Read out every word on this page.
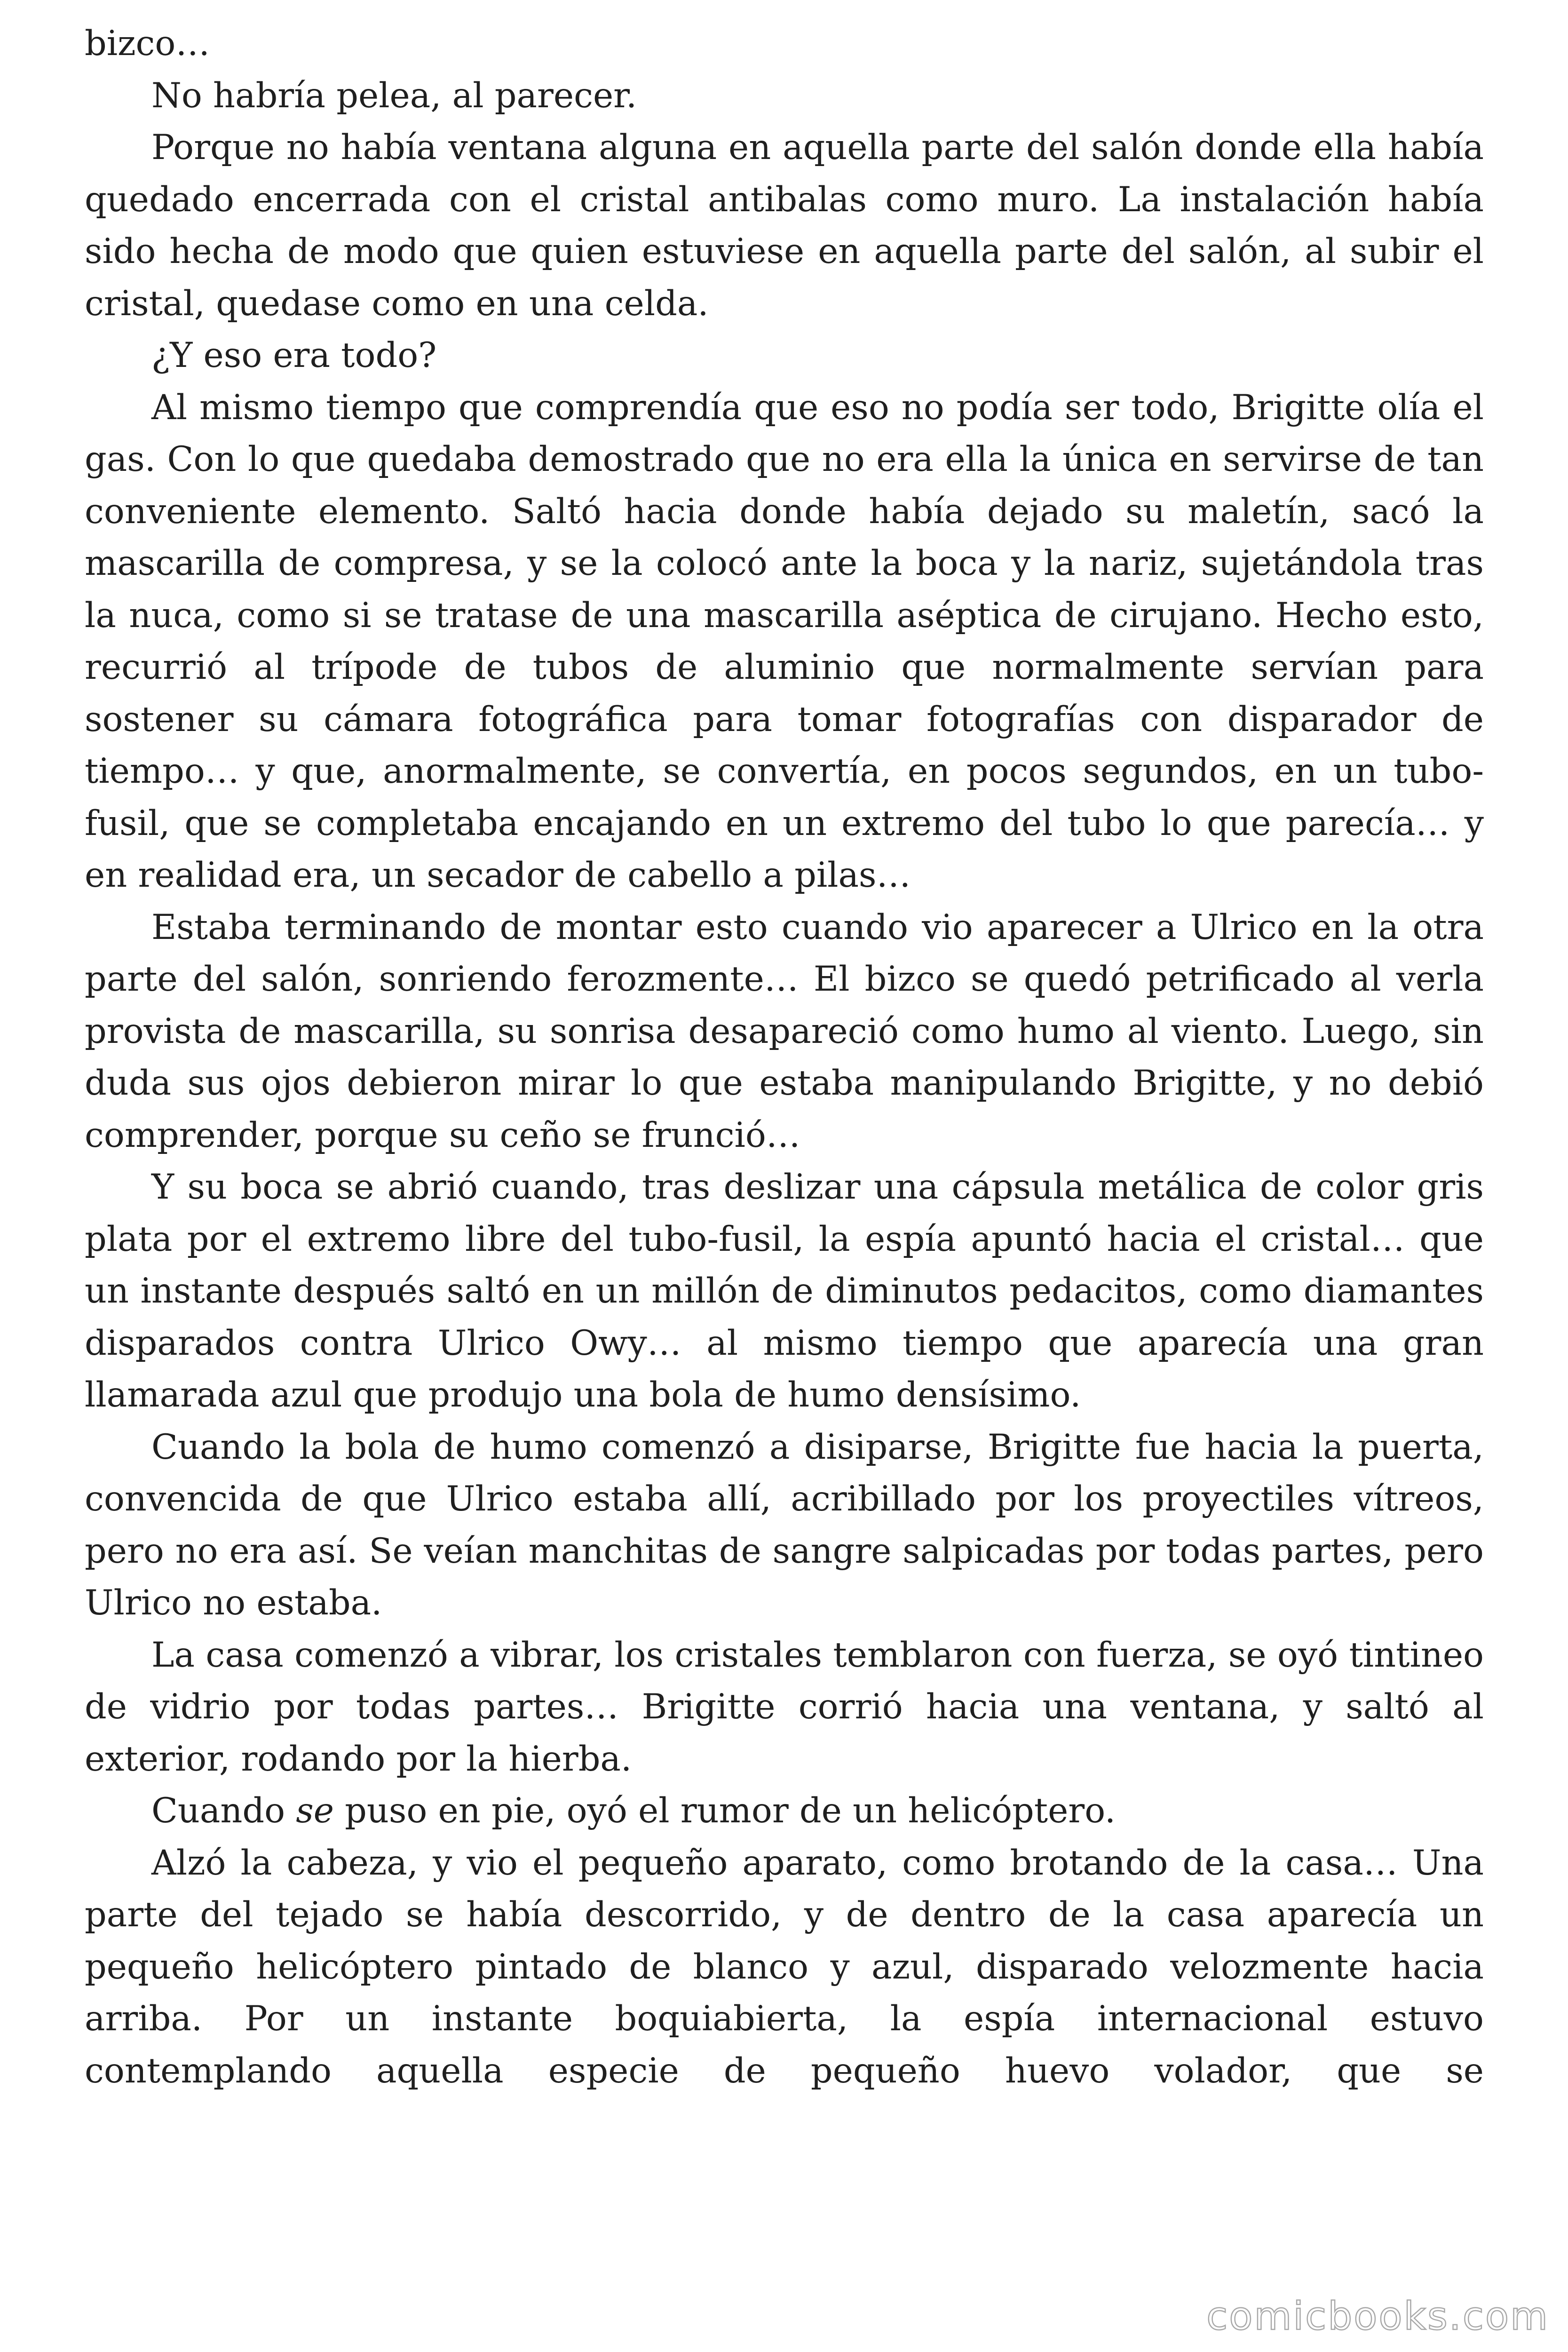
bizco…

No habría pelea, al parecer.

Porque no había ventana alguna en aquella parte del salón donde ella había quedado encerrada con el cristal antibalas como muro. La instalación había sido hecha de modo que quien estuviese en aquella parte del salón, al subir el cristal, quedase como en una celda.

¿Y eso era todo?

Al mismo tiempo que comprendía que eso no podía ser todo, Brigitte olía el gas. Con lo que quedaba demostrado que no era ella la única en servirse de tan conveniente elemento. Saltó hacia donde había dejado su maletín, sacó la mascarilla de compresa, y se la colocó ante la boca y la nariz, sujetándola tras la nuca, como si se tratase de una mascarilla aséptica de cirujano. Hecho esto, recurrió al trípode de tubos de aluminio que normalmente servían para sostener su cámara fotográfica para tomar fotografías con disparador de tiempo… y que, anormalmente, se convertía, en pocos segundos, en un tubo-fusil, que se completaba encajando en un extremo del tubo lo que parecía… y en realidad era, un secador de cabello a pilas…

Estaba terminando de montar esto cuando vio aparecer a Ulrico en la otra parte del salón, sonriendo ferozmente… El bizco se quedó petrificado al verla provista de mascarilla, su sonrisa desapareció como humo al viento. Luego, sin duda sus ojos debieron mirar lo que estaba manipulando Brigitte, y no debió comprender, porque su ceño se frunció…

Y su boca se abrió cuando, tras deslizar una cápsula metálica de color gris plata por el extremo libre del tubo-fusil, la espía apuntó hacia el cristal… que un instante después saltó en un millón de diminutos pedacitos, como diamantes disparados contra Ulrico Owy… al mismo tiempo que aparecía una gran llamarada azul que produjo una bola de humo densísimo.

Cuando la bola de humo comenzó a disiparse, Brigitte fue hacia la puerta, convencida de que Ulrico estaba allí, acribillado por los proyectiles vítreos, pero no era así. Se veían manchitas de sangre salpicadas por todas partes, pero Ulrico no estaba.

La casa comenzó a vibrar, los cristales temblaron con fuerza, se oyó tintineo de vidrio por todas partes… Brigitte corrió hacia una ventana, y saltó al exterior, rodando por la hierba.

Cuando se puso en pie, oyó el rumor de un helicóptero.

Alzó la cabeza, y vio el pequeño aparato, como brotando de la casa… Una parte del tejado se había descorrido, y de dentro de la casa aparecía un pequeño helicóptero pintado de blanco y azul, disparado velozmente hacia arriba. Por un instante boquiabierta, la espía internacional estuvo contemplando aquella especie de pequeño huevo volador, que se

comicbooks.com
